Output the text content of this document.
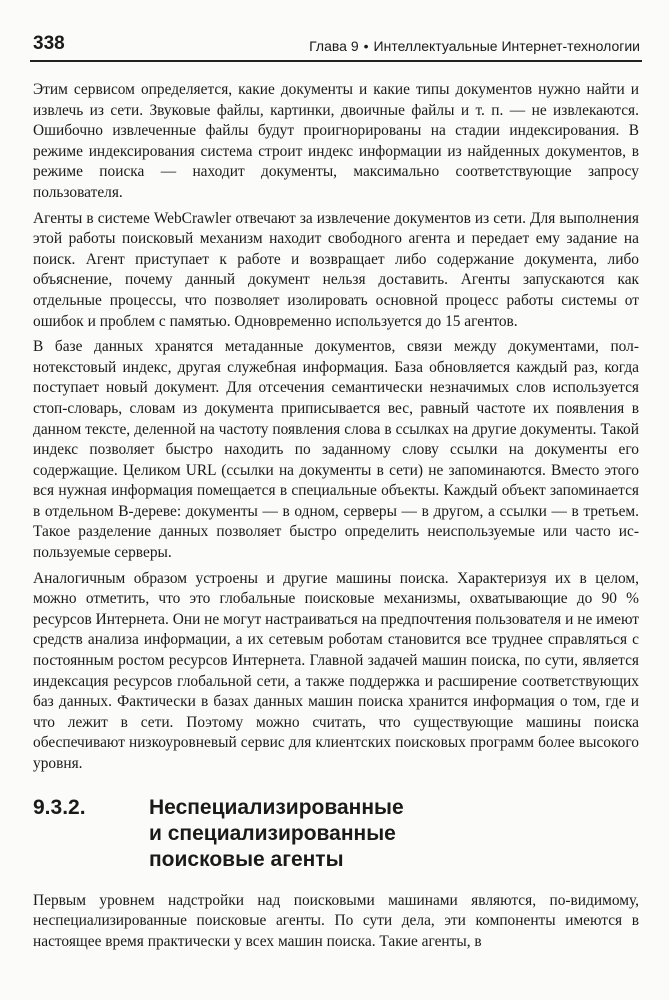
338	Глава 9 • Интеллектуальные Интернет-технологии

Этим сервисом определяется, какие документы и какие типы документов нужно найти и извлечь из сети. Звуковые файлы, картинки, двоичные файлы и т. п. — не извлекаются. Ошибочно извлеченные файлы будут проигнорированы на стадии индексирования. В режиме индексирования система строит индекс информации из найденных документов, в режиме поиска — находит документы, максимально соответствующие запросу пользователя.

Агенты в системе WebCrawler отвечают за извлечение документов из сети. Для выполнения этой работы поисковый механизм находит свободного агента и передает ему задание на поиск. Агент приступает к работе и возвращает либо содержание документа, либо объяснение, почему данный документ нельзя доставить. Агенты запускаются как отдельные процессы, что позволяет изолировать основной процесс работы системы от ошибок и проблем с памятью. Одновременно используется до 15 агентов.

В базе данных хранятся метаданные документов, связи между документами, полнотекстовый индекс, другая служебная информация. База обновляется каждый раз, когда поступает новый документ. Для отсечения семантически незначимых слов используется стоп-словарь, словам из документа приписывается вес, равный частоте их появления в данном тексте, деленной на частоту появления слова в ссылках на другие документы. Такой индекс позволяет быстро находить по заданному слову ссылки на документы его содержащие. Целиком URL (ссылки на документы в сети) не запоминаются. Вместо этого вся нужная информация помещается в специальные объекты. Каждый объект запоминается в отдельном В-дереве: документы — в одном, серверы — в другом, а ссылки — в третьем. Такое разделение данных позволяет быстро определить неиспользуемые или часто используемые серверы.

Аналогичным образом устроены и другие машины поиска. Характеризуя их в целом, можно отметить, что это глобальные поисковые механизмы, охватывающие до 90 % ресурсов Интернета. Они не могут настраиваться на предпочтения пользователя и не имеют средств анализа информации, а их сетевым роботам становится все труднее справляться с постоянным ростом ресурсов Интернета. Главной задачей машин поиска, по сути, является индексация ресурсов глобальной сети, а также поддержка и расширение соответствующих баз данных. Фактически в базах данных машин поиска хранится информация о том, где и что лежит в сети. Поэтому можно считать, что существующие машины поиска обеспечивают низкоуровневый сервис для клиентских поисковых программ более высокого уровня.

9.3.2.	Неспециализированные
и специализированные
поисковые агенты

Первым уровнем надстройки над поисковыми машинами являются, по-видимому, неспециализированные поисковые агенты. По сути дела, эти компоненты имеются в настоящее время практически у всех машин поиска. Такие агенты, в
